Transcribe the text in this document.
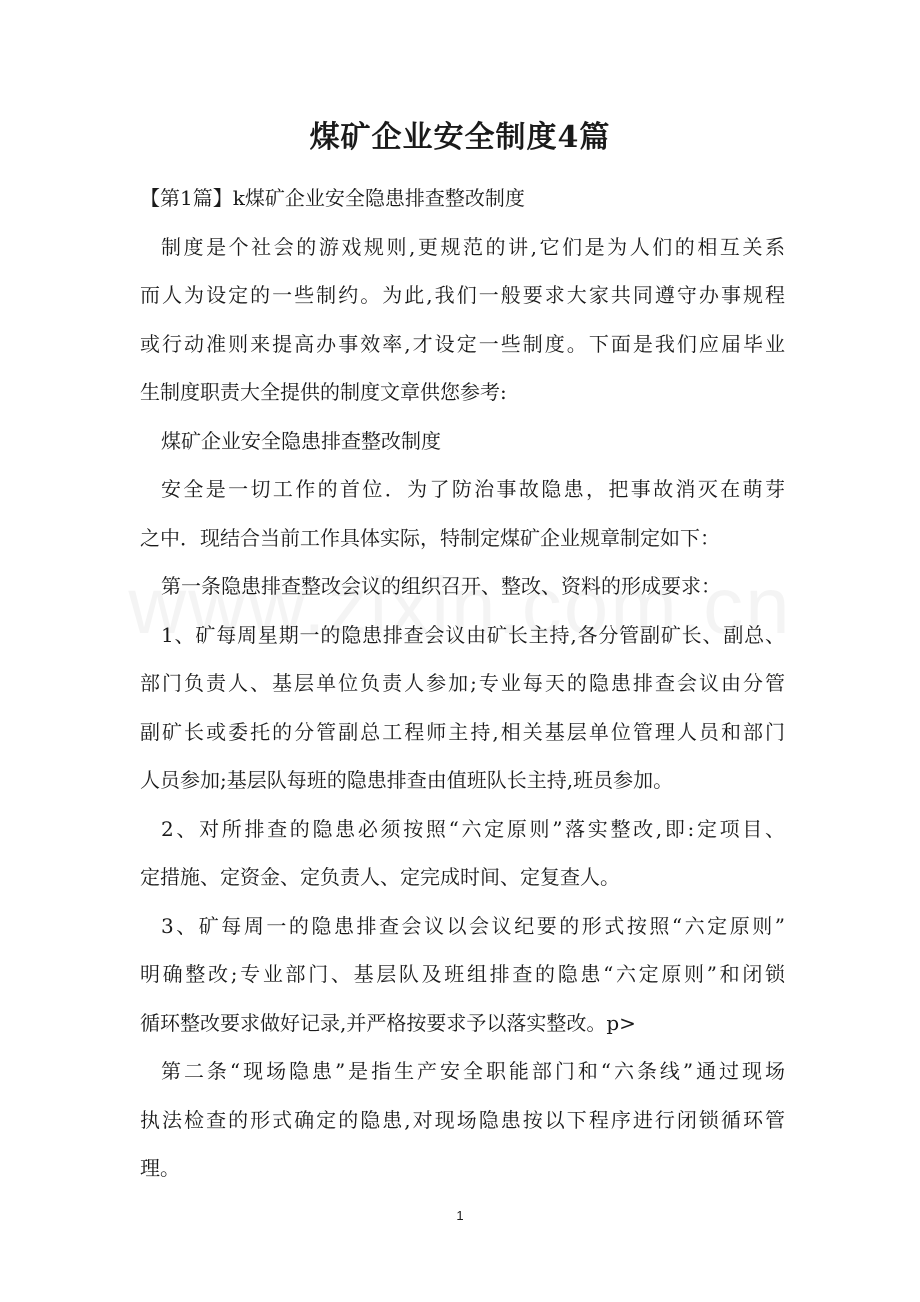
煤矿企业安全制度4篇
【第1篇】k煤矿企业安全隐患排查整改制度
制度是个社会的游戏规则,更规范的讲,它们是为人们的相互关系
而人为设定的一些制约。为此,我们一般要求大家共同遵守办事规程
或行动准则来提高办事效率,才设定一些制度。下面是我们应届毕业
生制度职责大全提供的制度文章供您参考:
煤矿企业安全隐患排查整改制度
安全是一切工作的首位．为了防治事故隐患，把事故消灭在萌芽
之中．现结合当前工作具体实际，特制定煤矿企业规章制定如下：
第一条隐患排查整改会议的组织召开、整改、资料的形成要求：
1、矿每周星期一的隐患排查会议由矿长主持,各分管副矿长、副总、
部门负责人、基层单位负责人参加;专业每天的隐患排查会议由分管
副矿长或委托的分管副总工程师主持,相关基层单位管理人员和部门
人员参加;基层队每班的隐患排查由值班队长主持,班员参加。
2、对所排查的隐患必须按照“六定原则”落实整改,即:定项目、
定措施、定资金、定负责人、定完成时间、定复查人。
3、矿每周一的隐患排查会议以会议纪要的形式按照“六定原则”
明确整改;专业部门、基层队及班组排查的隐患“六定原则”和闭锁
循环整改要求做好记录,并严格按要求予以落实整改。p>
第二条“现场隐患”是指生产安全职能部门和“六条线”通过现场
执法检查的形式确定的隐患,对现场隐患按以下程序进行闭锁循环管
理。
1
